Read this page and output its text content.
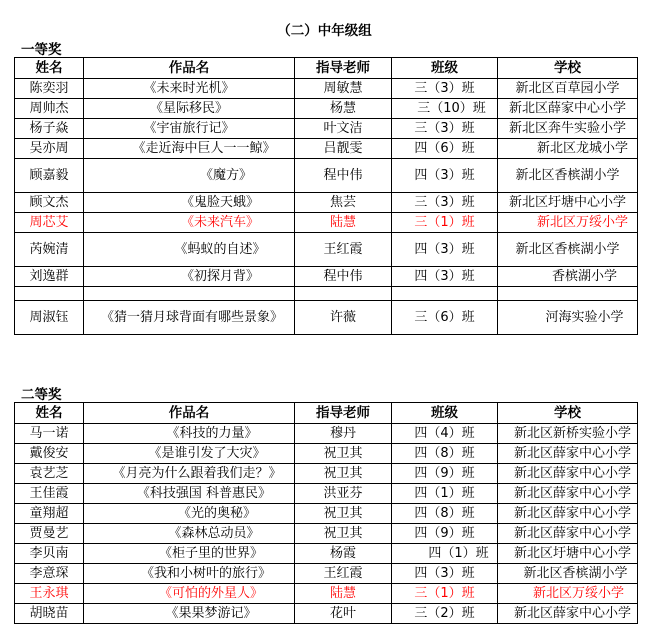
（二）中年级组
一等奖
姓名	作品名	指导老师	班级	学校
陈奕羽	《未来时光机》	周敏慧	三（3）班	新北区百草园小学
周帅杰	《星际移民》	杨慧	三（10）班	新北区薛家中心小学
杨子焱	《宇宙旅行记》	叶文洁	三（3）班	新北区奔牛实验小学
吴亦周	《走近海中巨人一一鲸》	吕靓雯	四（6）班	新北区龙城小学
顾嘉毅	《魔方》	程中伟	四（3）班	新北区香槟湖小学
顾文杰	《鬼脸天蛾》	焦芸	三（3）班	新北区圩塘中心小学
周芯艾	《未来汽车》	陆慧	三（1）班	新北区万绥小学
芮婉清	《蚂蚁的自述》	王红霞	四（3）班	新北区香槟湖小学
刘逸群	《初探月背》	程中伟	四（3）班	香槟湖小学

周淑钰	《猜一猜月球背面有哪些景象》	许薇	三（6）班	河海实验小学
二等奖
姓名	作品名	指导老师	班级	学校
马一诺	《科技的力量》	穆丹	四（4）班	新北区新桥实验小学
戴俊安	《是谁引发了大灾》	祝卫其	四（8）班	新北区薛家中心小学
袁艺芝	《月亮为什么跟着我们走？》	祝卫其	四（9）班	新北区薛家中心小学
王佳霞	《科技强国 科普惠民》	洪亚芬	四（1）班	新北区薛家中心小学
童翔超	《光的奥秘》	祝卫其	四（8）班	新北区薛家中心小学
贾曼艺	《森林总动员》	祝卫其	四（9）班	新北区薛家中心小学
李贝南	《柜子里的世界》	杨霞	四（1）班	新北区圩塘中心小学
李意琛	《我和小树叶的旅行》	王红霞	四（3）班	新北区香槟湖小学
王永琪	《可怕的外星人》	陆慧	三（1）班	新北区万绥小学
胡晓苗	《果果梦游记》	花叶	三（2）班	新北区薛家中心小学
